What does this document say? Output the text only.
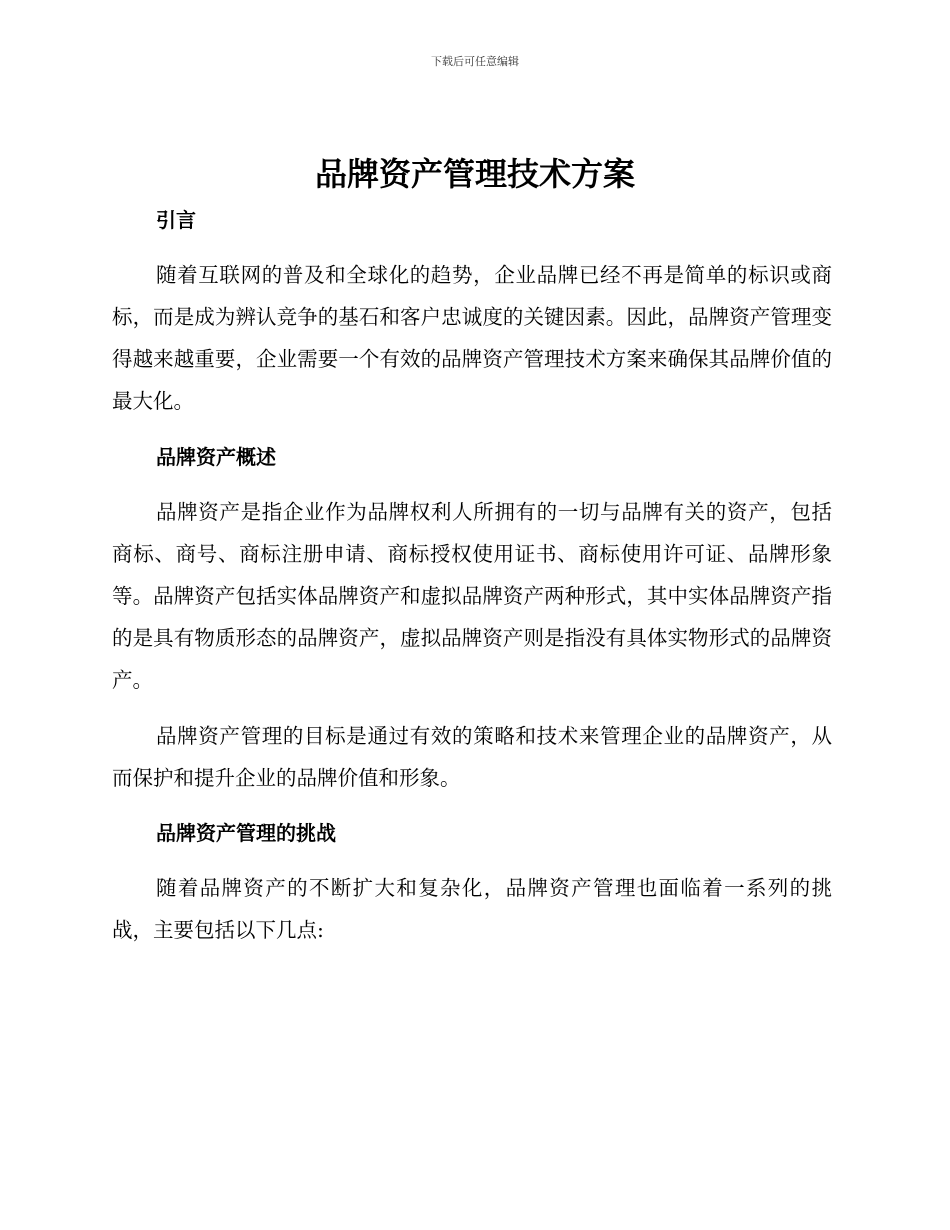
下载后可任意编辑
品牌资产管理技术方案
引言

随着互联网的普及和全球化的趋势，企业品牌已经不再是简单的标识或商标，而是成为辨认竞争的基石和客户忠诚度的关键因素。因此，品牌资产管理变得越来越重要，企业需要一个有效的品牌资产管理技术方案来确保其品牌价值的最大化。

品牌资产概述

品牌资产是指企业作为品牌权利人所拥有的一切与品牌有关的资产，包括商标、商号、商标注册申请、商标授权使用证书、商标使用许可证、品牌形象等。品牌资产包括实体品牌资产和虚拟品牌资产两种形式，其中实体品牌资产指的是具有物质形态的品牌资产，虚拟品牌资产则是指没有具体实物形式的品牌资产。

品牌资产管理的目标是通过有效的策略和技术来管理企业的品牌资产，从而保护和提升企业的品牌价值和形象。

品牌资产管理的挑战

随着品牌资产的不断扩大和复杂化，品牌资产管理也面临着一系列的挑战，主要包括以下几点:
